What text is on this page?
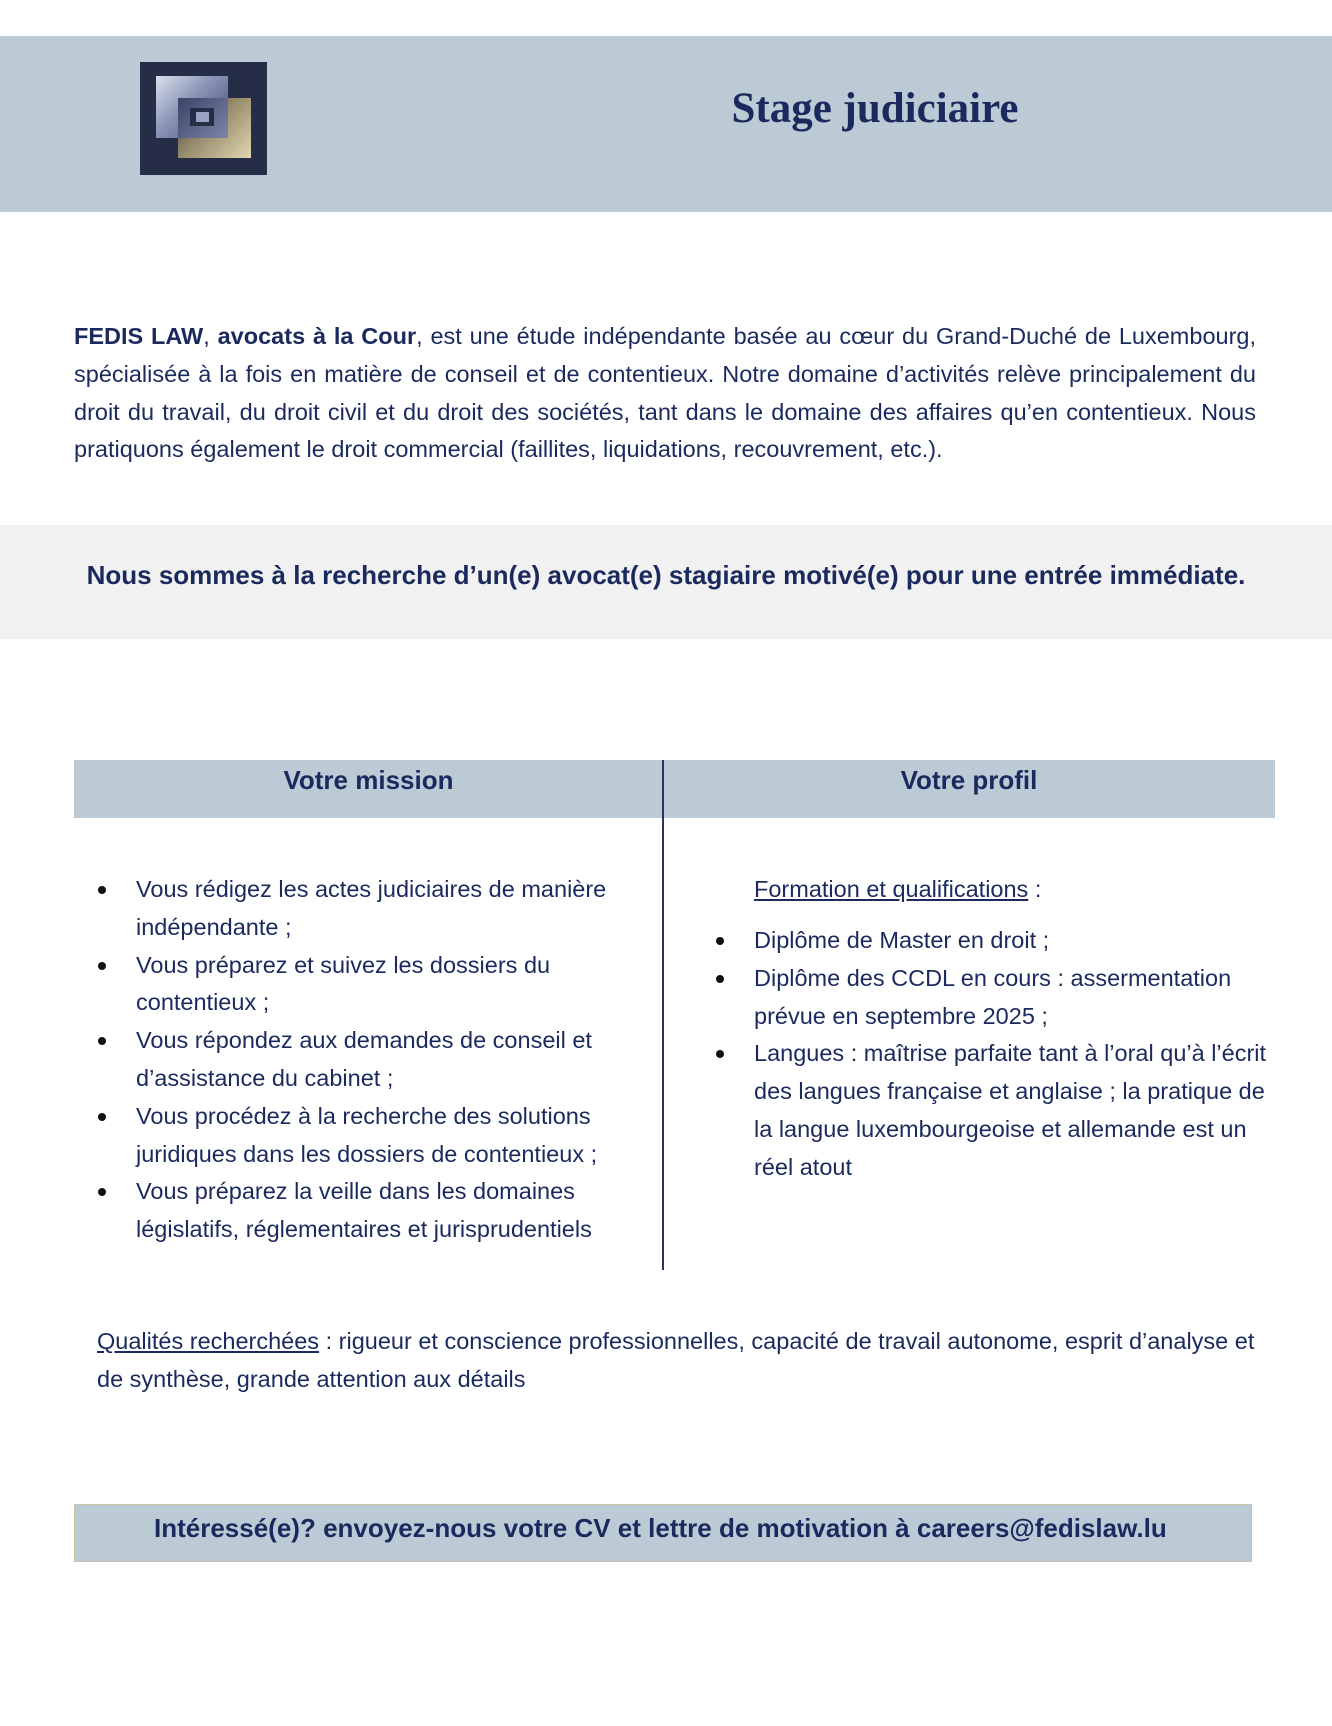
Stage judiciaire

FEDIS LAW, avocats à la Cour, est une étude indépendante basée au cœur du Grand-Duché de Luxembourg, spécialisée à la fois en matière de conseil et de contentieux. Notre domaine d’activités relève principalement du droit du travail, du droit civil et du droit des sociétés, tant dans le domaine des affaires qu’en contentieux. Nous pratiquons également le droit commercial (faillites, liquidations, recouvrement, etc.).

Nous sommes à la recherche d’un(e) avocat(e) stagiaire motivé(e) pour une entrée immédiate.

Votre mission	Votre profil
Vous rédigez les actes judiciaires de manière indépendante ;
Vous préparez et suivez les dossiers du contentieux ;
Vous répondez aux demandes de conseil et d’assistance du cabinet ;
Vous procédez à la recherche des solutions juridiques dans les dossiers de contentieux ;
Vous préparez la veille dans les domaines législatifs, réglementaires et jurisprudentiels
Formation et qualifications :
Diplôme de Master en droit ;
Diplôme des CCDL en cours : assermentation prévue en septembre 2025 ;
Langues : maîtrise parfaite tant à l’oral qu’à l’écrit des langues française et anglaise ; la pratique de la langue luxembourgeoise et allemande est un réel atout

Qualités recherchées : rigueur et conscience professionnelles, capacité de travail autonome, esprit d’analyse et de synthèse, grande attention aux détails

Intéressé(e)? envoyez-nous votre CV et lettre de motivation à careers@fedislaw.lu
